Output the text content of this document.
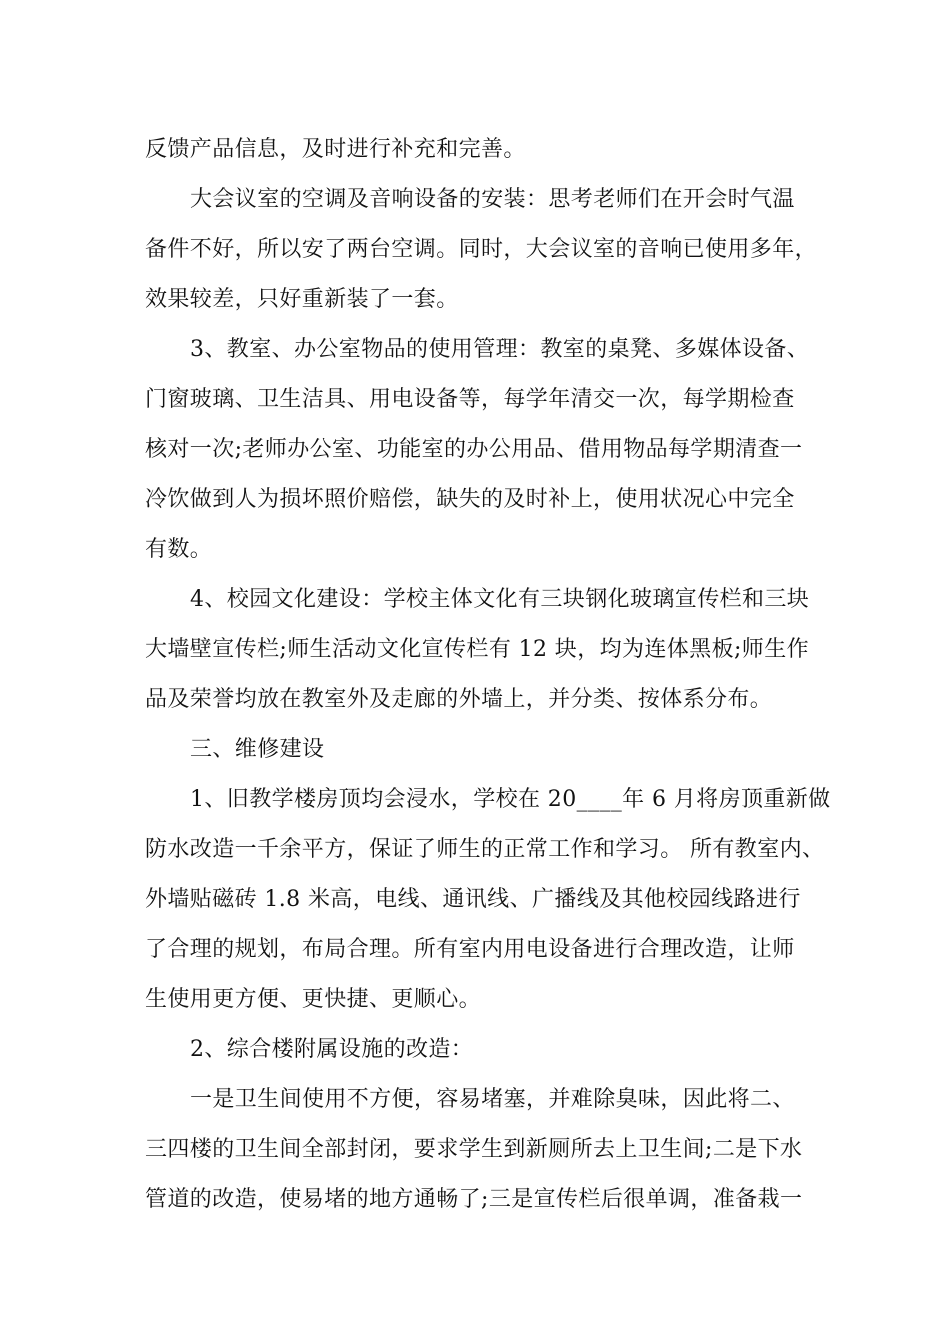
反馈产品信息，及时进行补充和完善。
大会议室的空调及音响设备的安装：思考老师们在开会时气温
备件不好，所以安了两台空调。同时，大会议室的音响已使用多年，
效果较差，只好重新装了一套。
3、教室、办公室物品的使用管理：教室的桌凳、多媒体设备、
门窗玻璃、卫生洁具、用电设备等，每学年清交一次，每学期检查
核对一次;老师办公室、功能室的办公用品、借用物品每学期清查一
冷饮做到人为损坏照价赔偿，缺失的及时补上，使用状况心中完全
有数。
4、校园文化建设：学校主体文化有三块钢化玻璃宣传栏和三块
大墙壁宣传栏;师生活动文化宣传栏有 12 块，均为连体黑板;师生作
品及荣誉均放在教室外及走廊的外墙上，并分类、按体系分布。
三、维修建设
1、旧教学楼房顶均会浸水，学校在 20____年 6 月将房顶重新做
防水改造一千余平方，保证了师生的正常工作和学习。 所有教室内、
外墙贴磁砖 1.8 米高，电线、通讯线、广播线及其他校园线路进行
了合理的规划，布局合理。所有室内用电设备进行合理改造，让师
生使用更方便、更快捷、更顺心。
2、综合楼附属设施的改造：
一是卫生间使用不方便，容易堵塞，并难除臭味，因此将二、
三四楼的卫生间全部封闭，要求学生到新厕所去上卫生间;二是下水
管道的改造，使易堵的地方通畅了;三是宣传栏后很单调，准备栽一
